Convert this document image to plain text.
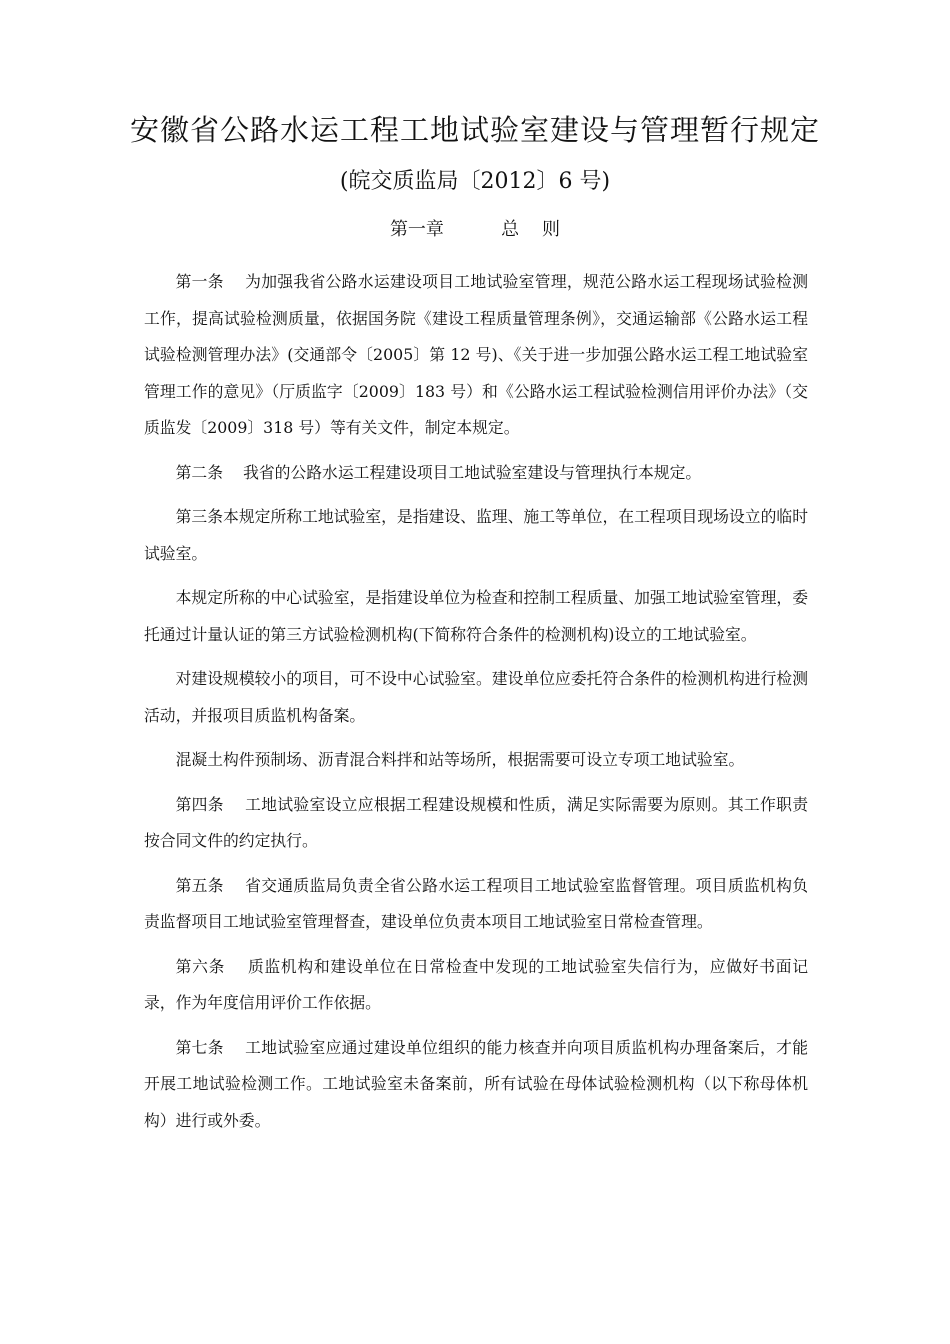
安徽省公路水运工程工地试验室建设与管理暂行规定
(皖交质监局〔2012〕6 号)
第一章          总    则

第一条    为加强我省公路水运建设项目工地试验室管理，规范公路水运工程现场试验检测工作，提高试验检测质量，依据国务院《建设工程质量管理条例》，交通运输部《公路水运工程试验检测管理办法》(交通部令〔2005〕第 12 号)、《关于进一步加强公路水运工程工地试验室管理工作的意见》（厅质监字〔2009〕183 号）和《公路水运工程试验检测信用评价办法》（交质监发〔2009〕318 号）等有关文件，制定本规定。

第二条    我省的公路水运工程建设项目工地试验室建设与管理执行本规定。

第三条本规定所称工地试验室，是指建设、监理、施工等单位，在工程项目现场设立的临时试验室。

本规定所称的中心试验室，是指建设单位为检查和控制工程质量、加强工地试验室管理，委托通过计量认证的第三方试验检测机构(下简称符合条件的检测机构)设立的工地试验室。

对建设规模较小的项目，可不设中心试验室。建设单位应委托符合条件的检测机构进行检测活动，并报项目质监机构备案。

混凝土构件预制场、沥青混合料拌和站等场所，根据需要可设立专项工地试验室。

第四条    工地试验室设立应根据工程建设规模和性质，满足实际需要为原则。其工作职责按合同文件的约定执行。

第五条    省交通质监局负责全省公路水运工程项目工地试验室监督管理。项目质监机构负责监督项目工地试验室管理督查，建设单位负责本项目工地试验室日常检查管理。

第六条    质监机构和建设单位在日常检查中发现的工地试验室失信行为，应做好书面记录，作为年度信用评价工作依据。

第七条    工地试验室应通过建设单位组织的能力核查并向项目质监机构办理备案后，才能开展工地试验检测工作。工地试验室未备案前，所有试验在母体试验检测机构（以下称母体机构）进行或外委。
